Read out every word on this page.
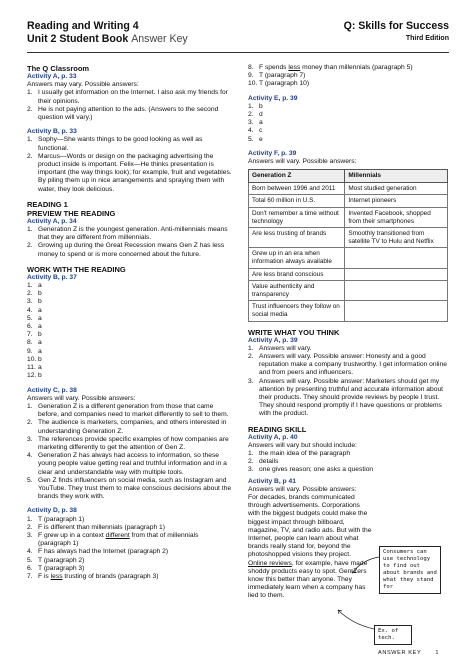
Reading and Writing 4
Unit 2 Student Book Answer Key
Q: Skills for Success
Third Edition
The Q Classroom
Activity A, p. 33
Answers may vary. Possible answers:
1. I usually get information on the Internet. I also ask my friends for their opinions.
2. He is not paying attention to the ads. (Answers to the second question will vary.)
Activity B, p. 33
1. Sophy—She wants things to be good looking as well as functional.
2. Marcus—Words or design on the packaging advertising the product inside is important. Felix—He thinks presentation is important (the way things look); for example, fruit and vegetables. By piling them up in nice arrangements and spraying them with water, they look delicious.
READING 1
PREVIEW THE READING
Activity A, p. 34
1. Generation Z is the youngest generation. Anti-millennials means that they are different from millennials.
2. Growing up during the Great Recession means Gen Z has less money to spend or is more concerned about the future.
WORK WITH THE READING
Activity B, p. 37
1. a
2. b
3. b
4. a
5. a
6. a
7. b
8. a
9. a
10. b
11. a
12. b
Activity C, p. 38
Answers will vary. Possible answers:
1. Generation Z is a different generation from those that came before, and companies need to market differently to sell to them.
2. The audience is marketers, companies, and others interested in understanding Generation Z.
3. The references provide specific examples of how companies are marketing differently to get the attention of Gen Z.
4. Generation Z has always had access to information, so these young people value getting real and truthful information and in a clear and understandable way with multiple tools.
5. Gen Z finds influencers on social media, such as Instagram and YouTube. They trust them to make conscious decisions about the brands they work with.
Activity D, p. 38
1. T (paragraph 1)
2. F is different than millennials (paragraph 1)
3. F grew up in a context different from that of millennials (paragraph 1)
4. F has always had the Internet (paragraph 2)
5. T (paragraph 2)
6. T (paragraph 3)
7. F is less trusting of brands (paragraph 3)
8. F spends less money than millennials (paragraph 5)
9. T (paragraph 7)
10. T (paragraph 10)
Activity E, p. 39
1. b
2. d
3. a
4. c
5. e
Activity F, p. 39
Answers will vary. Possible answers:
Generation Z	Millennials
Born between 1996 and 2011	Most studied generation
Total 60 million in U.S.	Internet pioneers
Don't remember a time without technology	Invented Facebook, shopped from their smartphones
Are less trusting of brands	Smoothly transitioned from satellite TV to Hulu and Netflix
Grew up in an era when information always available	
Are less brand conscious	
Value authenticity and transparency	
Trust influencers they follow on social media	
WRITE WHAT YOU THINK
Activity A, p. 39
1. Answers will vary.
2. Answers will vary. Possible answer: Honesty and a good reputation make a company trustworthy. I get information online and from peers and influencers.
3. Answers will vary. Possible answer: Marketers should get my attention by presenting truthful and accurate information about their products. They should provide reviews by people I trust. They should respond promptly if I have questions or problems with the product.
READING SKILL
Activity A, p. 40
Answers will vary but should include:
1. the main idea of the paragraph
2. details
3. one gives reason; one asks a question
Activity B, p 41
Answers will vary. Possible answers:
For decades, brands communicated through advertisements. Corporations with the biggest budgets could make the biggest impact through billboard, magazine, TV, and radio ads. But with the Internet, people can learn about what brands really stand for, beyond the photoshopped visions they project. Online reviews, for example, have made shoddy products easy to spot. Gen Zers know this better than anyone. They immediately learn when a company has lied to them.
Consumers can use technology to find out about brands and what they stand for
Ex. of tech.
ANSWER KEY	1
